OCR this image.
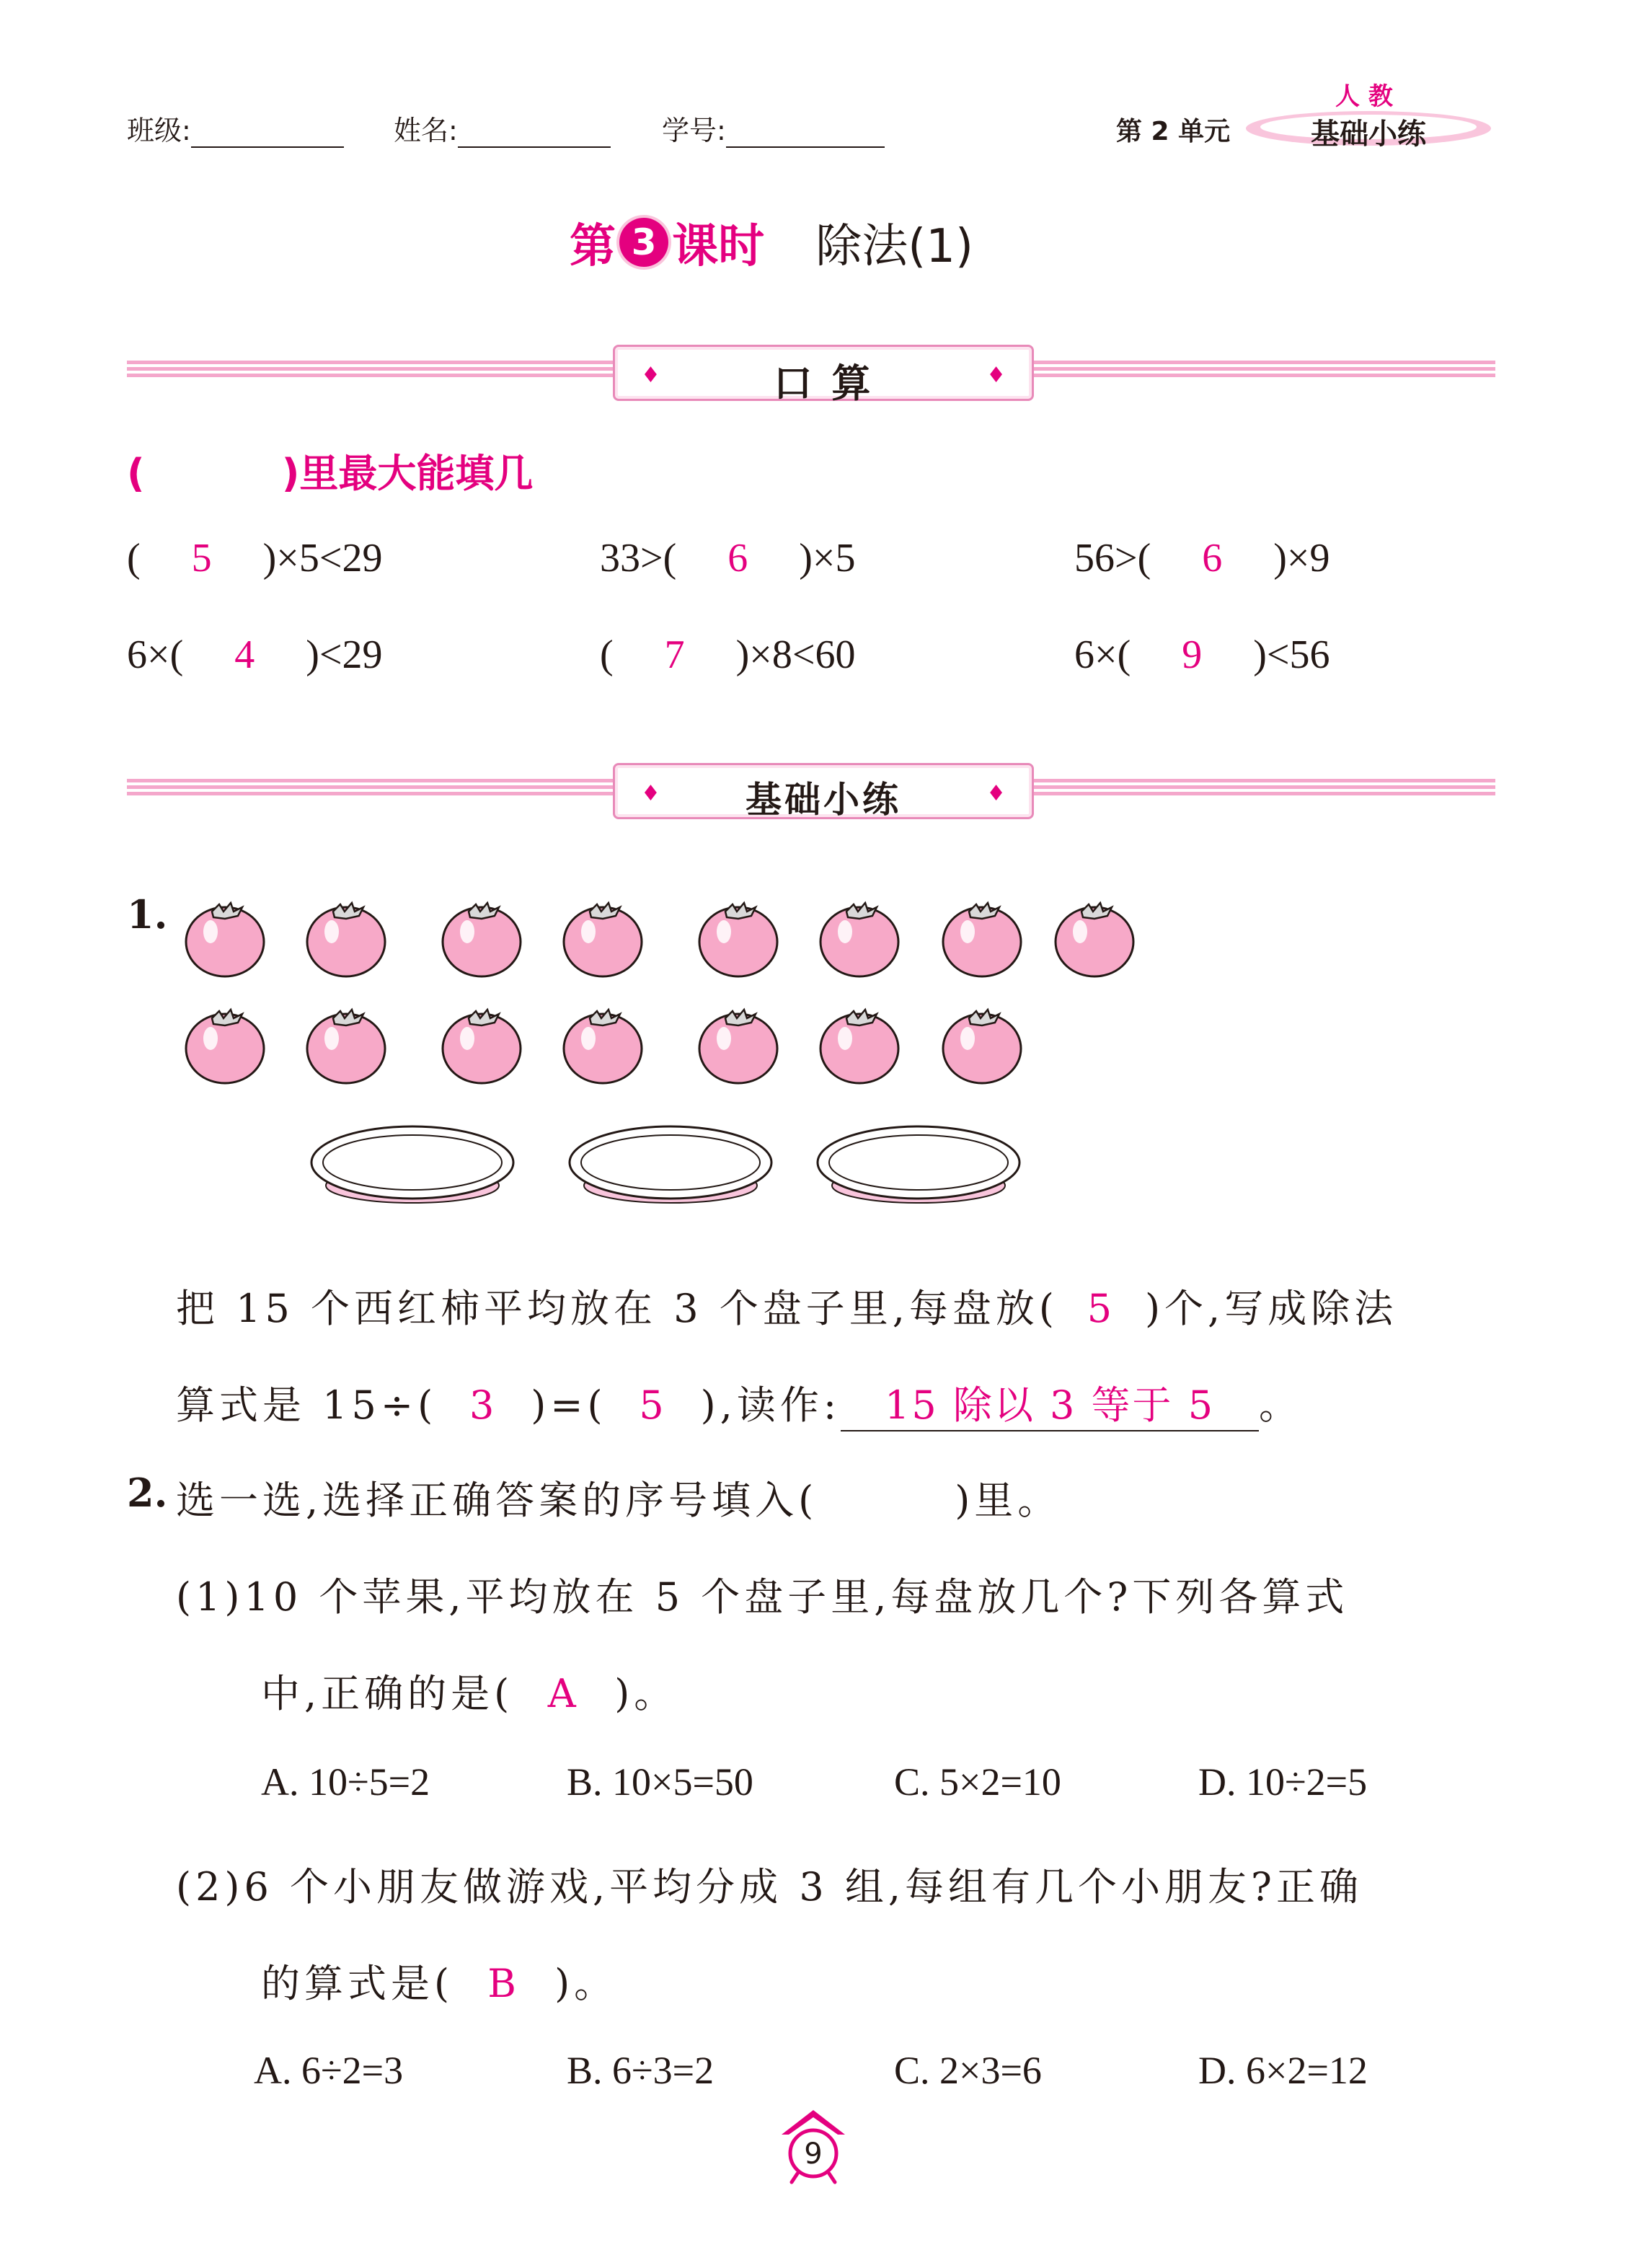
班级:	姓名:	学号:	第 2 单元	基础小练
人 教
第 3 课时 除法(1)
♦	口 算	♦
(	)里最大能填几
( 5 )×5<29	33>( 6 )×5	56>( 6 )×9
6×( 4 )<29	( 7 )×8<60	6×( 9 )<56
♦	基础小练	♦
1.
把 15 个西红柿平均放在 3 个盘子里,每盘放( 5 )个,写成除法
算式是 15÷( 3 )=( 5 ),读作: 15 除以 3 等于 5 。
2. 选一选,选择正确答案的序号填入(	)里。
(1)10 个苹果,平均放在 5 个盘子里,每盘放几个?下列各算式
中,正确的是( A )。
A. 10÷5=2	B. 10×5=50	C. 5×2=10	D. 10÷2=5
(2)6 个小朋友做游戏,平均分成 3 组,每组有几个小朋友?正确
的算式是( B )。
A. 6÷2=3	B. 6÷3=2	C. 2×3=6	D. 6×2=12
9
